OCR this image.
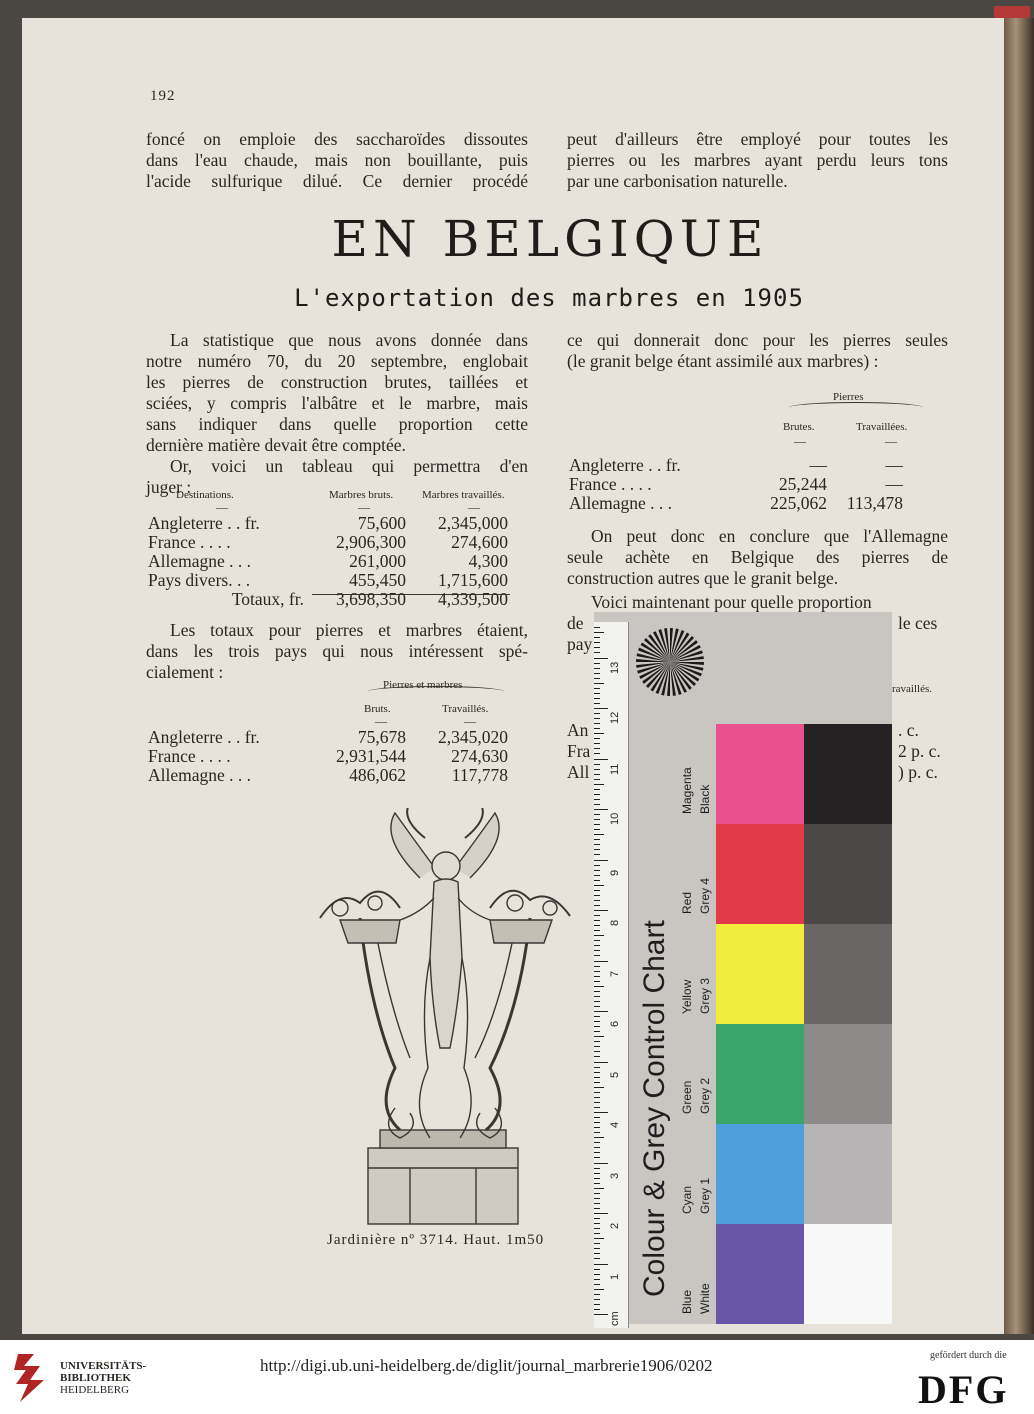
192

foncé on emploie des saccharoïdes dissoutes

dans l'eau chaude, mais non bouillante, puis

l'acide sulfurique dilué. Ce dernier procédé

peut d'ailleurs être employé pour toutes les

pierres ou les marbres ayant perdu leurs tons

par une carbonisation naturelle.

EN BELGIQUE
L'exportation des marbres en 1905

La statistique que nous avons donnée dans

notre numéro 70, du 20 septembre, englobait

les pierres de construction brutes, taillées et

sciées, y compris l'albâtre et le marbre, mais

sans indiquer dans quelle proportion cette

dernière matière devait être comptée.

Or, voici un tableau qui permettra d'en

juger :

Destinations.	Marbres bruts.	Marbres travaillés.
—	—	—
Angleterre . . fr.	75,600	2,345,000
France . . . .	2,906,300	274,600
Allemagne . . .	261,000	4,300
Pays divers. . .	455,450	1,715,600
Totaux, fr.	3,698,350	4,339,500

Les totaux pour pierres et marbres étaient,

dans les trois pays qui nous intéressent spé-

cialement :

Pierres et marbres
Bruts.	Travaillés.
—	—
Angleterre . . fr.	75,678	2,345,020
France . . . .	2,931,544	274,630
Allemagne . . .	486,062	117,778

ce qui donnerait donc pour les pierres seules

(le granit belge étant assimilé aux marbres) :

Pierres
Brutes.	Travaillées.
—	—
Angleterre . . fr.	—	—
France . . . .	25,244	—
Allemagne . . .	225,062	113,478

On peut donc en conclure que l'Allemagne

seule achète en Belgique des pierres de

construction autres que le granit belge.

Voici maintenant pour quelle proportion

de

pay

le ces
ravaillés.

An

Fra

All

. c.

2 p. c.

) p. c.

Jardinière nº 3714. Haut. 1m50
cm
1
2
3
4
5
6
7
8
9
10
11
12
13
Colour & Grey Control Chart
Blue White
Cyan Grey 1
Green Grey 2
Yellow Grey 3
Red Grey 4
Magenta Black
UNIVERSITÄTS-
BIBLIOTHEK
HEIDELBERG
http://digi.ub.uni-heidelberg.de/diglit/journal_marbrerie1906/0202
gefördert durch die
DFG
